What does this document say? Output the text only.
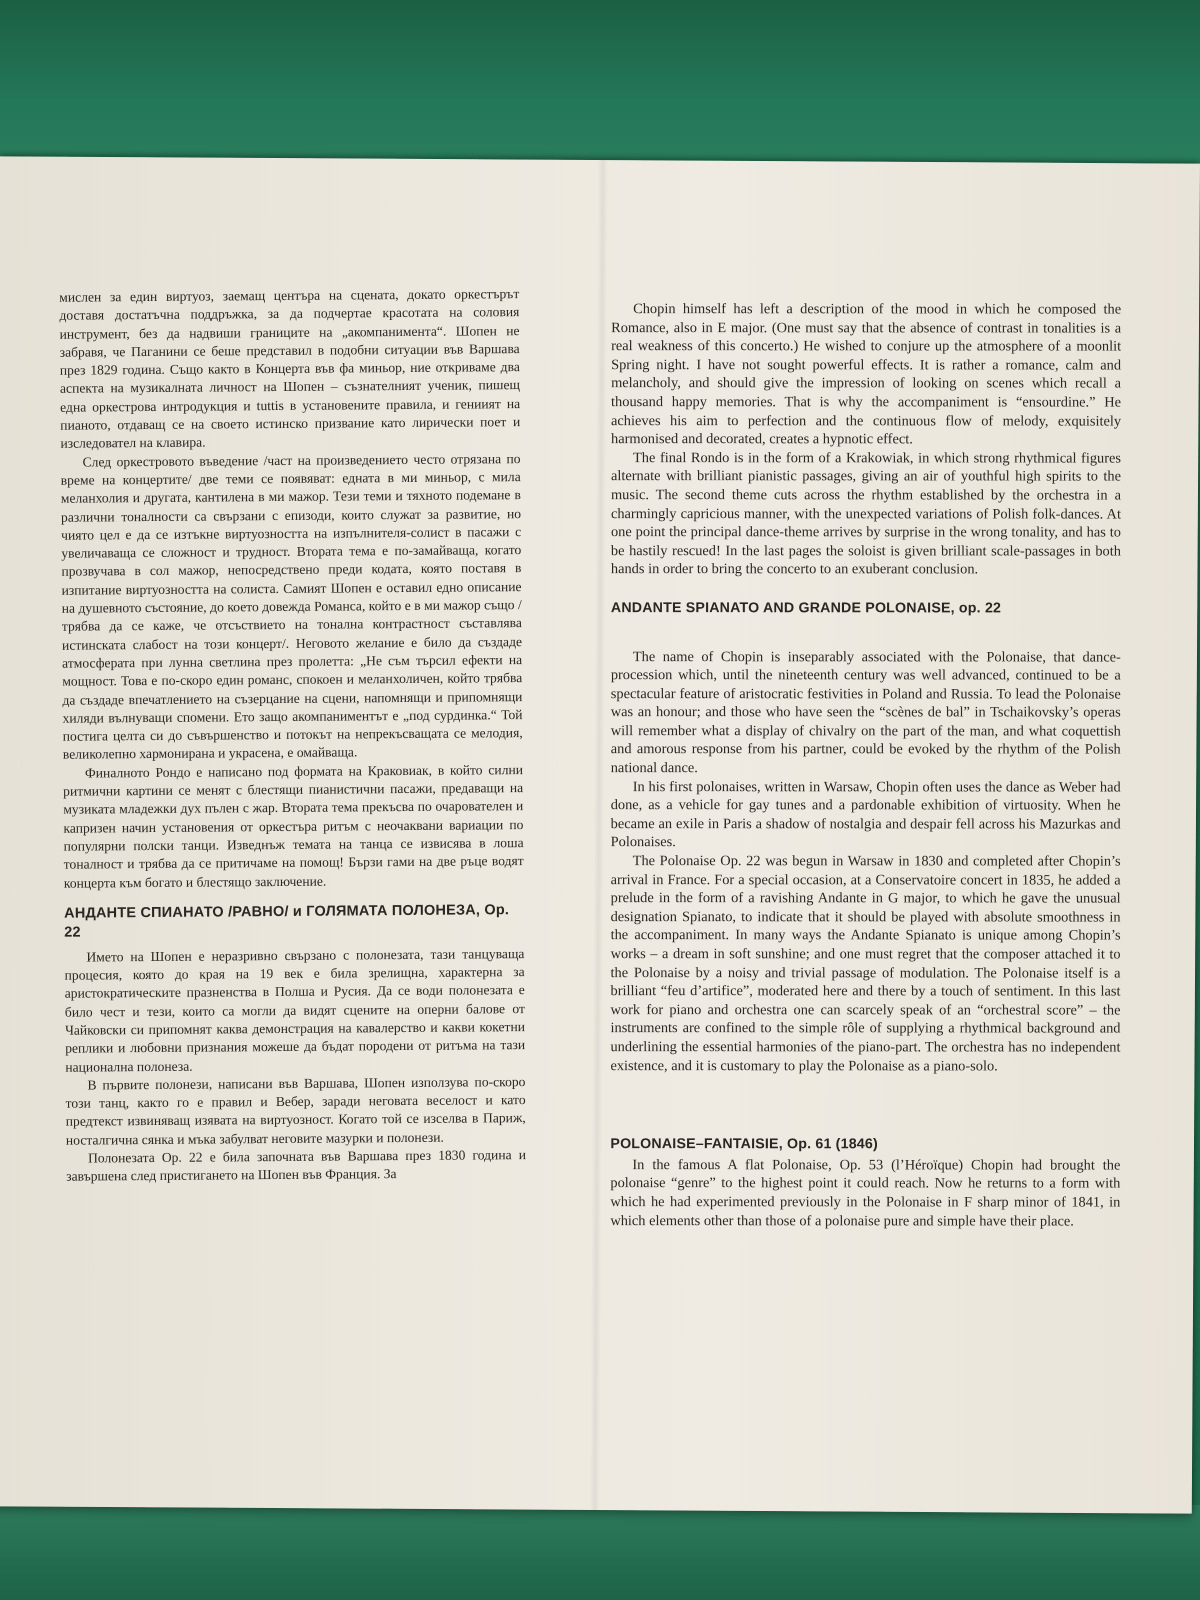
мислен за един виртуоз, заемащ центъра на сцената, докато оркестърът доставя достатъчна поддръжка, за да подчертае красотата на соловия инструмент, без да надвиши границите на „акомпанимента“. Шопен не забравя, че Паганини се беше представил в подобни ситуации във Варшава през 1829 година. Също както в Концерта във фа миньор, ние откриваме два аспекта на музикалната личност на Шопен – съзнателният ученик, пишещ една оркестрова интродукция и tuttis в установените правила, и гениият на пианото, отдаващ се на своето истинско призвание като лирически поет и изследовател на клавира.

След оркестровото въведение /част на произведението често отрязана по време на концертите/ две теми се появяват: едната в ми миньор, с мила меланхолия и другата, кантилена в ми мажор. Тези теми и тяхното подемане в различни тоналности са свързани с епизоди, които служат за развитие, но чиято цел е да се изтъкне виртуозността на изпълнителя-солист в пасажи с увеличаваща се сложност и трудност. Втората тема е по-замайваща, когато прозвучава в сол мажор, непосредствено преди кодата, която поставя в изпитание виртуозността на солиста. Самият Шопен е оставил едно описание на душевното състояние, до което довежда Романса, който е в ми мажор също /трябва да се каже, че отсъствието на тонална контрастност съставлява истинската слабост на този концерт/. Неговото желание е било да създаде атмосферата при лунна светлина през пролетта: „Не съм търсил ефекти на мощност. Това е по-скоро един романс, спокоен и меланхоличен, който трябва да създаде впечатлението на съзерцание на сцени, напомнящи и припомнящи хиляди вълнуващи спомени. Ето защо акомпаниментът е „под сурдинка.“ Той постига целта си до съвършенство и потокът на непрекъсващата се мелодия, великолепно хармонирана и украсена, е омайваща.

Финалното Рондо е написано под формата на Краковиак, в който силни ритмични картини се менят с блестящи пианистични пасажи, предаващи на музиката младежки дух пълен с жар. Втората тема прекъсва по очарователен и капризен начин установения от оркестъра ритъм с неочаквани вариации по популярни полски танци. Изведнъж темата на танца се извисява в лоша тоналност и трябва да се притичаме на помощ! Бързи гами на две ръце водят концерта към богато и блестящо заключение.

АНДАНТЕ СПИАНАТО /РАВНО/ и ГОЛЯМАТА ПОЛОНЕЗА, Ор. 22

Името на Шопен е неразривно свързано с полонезата, тази танцуваща процесия, която до края на 19 век е била зрелищна, характерна за аристократическите празненства в Полша и Русия. Да се води полонезата е било чест и тези, които са могли да видят сцените на оперни балове от Чайковски си припомнят каква демонстрация на кавалерство и какви кокетни реплики и любовни признания можеше да бъдат породени от ритъма на тази национална полонеза.

В първите полонези, написани във Варшава, Шопен използува по-скоро този танц, както го е правил и Вебер, заради неговата веселост и като предтекст извиняващ изявата на виртуозност. Когато той се изселва в Париж, носталгична сянка и мъка забулват неговите мазурки и полонези.

Полонезата Ор. 22 е била започната във Варшава през 1830 година и завършена след пристигането на Шопен във Франция. За

Chopin himself has left a description of the mood in which he composed the Romance, also in E major. (One must say that the absence of contrast in tonalities is a real weakness of this concerto.) He wished to conjure up the atmosphere of a moonlit Spring night. I have not sought powerful effects. It is rather a romance, calm and melancholy, and should give the impression of looking on scenes which recall a thousand happy memories. That is why the accompaniment is “ensourdine.” He achieves his aim to perfection and the continuous flow of melody, exquisitely harmonised and decorated, creates a hypnotic effect.

The final Rondo is in the form of a Krakowiak, in which strong rhythmical figures alternate with brilliant pianistic passages, giving an air of youthful high spirits to the music. The second theme cuts across the rhythm established by the orchestra in a charmingly capricious manner, with the unexpected variations of Polish folk-dances. At one point the principal dance-theme arrives by surprise in the wrong tonality, and has to be hastily rescued! In the last pages the soloist is given brilliant scale-passages in both hands in order to bring the concerto to an exuberant conclusion.

ANDANTE SPIANATO AND GRANDE POLONAISE, op. 22

The name of Chopin is inseparably associated with the Polonaise, that dance-procession which, until the nineteenth century was well advanced, continued to be a spectacular feature of aristocratic festivities in Poland and Russia. To lead the Polonaise was an honour; and those who have seen the “scènes de bal” in Tschaikovsky’s operas will remember what a display of chivalry on the part of the man, and what coquettish and amorous response from his partner, could be evoked by the rhythm of the Polish national dance.

In his first polonaises, written in Warsaw, Chopin often uses the dance as Weber had done, as a vehicle for gay tunes and a pardonable exhibition of virtuosity. When he became an exile in Paris a shadow of nostalgia and despair fell across his Mazurkas and Polonaises.

The Polonaise Op. 22 was begun in Warsaw in 1830 and completed after Chopin’s arrival in France. For a special occasion, at a Conservatoire concert in 1835, he added a prelude in the form of a ravishing Andante in G major, to which he gave the unusual designation Spianato, to indicate that it should be played with absolute smoothness in the accompaniment. In many ways the Andante Spianato is unique among Chopin’s works – a dream in soft sunshine; and one must regret that the composer attached it to the Polonaise by a noisy and trivial passage of modulation. The Polonaise itself is a brilliant “feu d’artifice”, moderated here and there by a touch of sentiment. In this last work for piano and orchestra one can scarcely speak of an “orchestral score” – the instruments are confined to the simple rôle of supplying a rhythmical background and underlining the essential harmonies of the piano-part. The orchestra has no independent existence, and it is customary to play the Polonaise as a piano-solo.

POLONAISE–FANTAISIE, Op. 61 (1846)

In the famous A flat Polonaise, Op. 53 (l’Héroïque) Chopin had brought the polonaise “genre” to the highest point it could reach. Now he returns to a form with which he had experimented previously in the Polonaise in F sharp minor of 1841, in which elements other than those of a polonaise pure and simple have their place.
